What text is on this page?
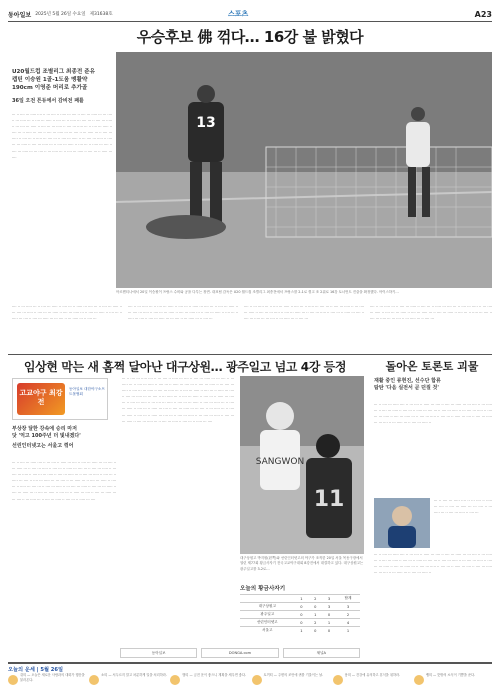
동아일보 2025년 5월 26일 수요일 제31638호	스포츠	A23
우승후보 佛 꺾다… 16강 불 밝혔다
U20월드컵 조별리그 최종전 준유
캡틴 이승원 1골-1도움 맹활약
190cm 이영준 머리로 추가골
36일 오전 튼듀에서 감비전 패를
··· ·· ···· ··· ····· ···· ·· ··· ···· ·· ····· ··· ···· ·· ···· ··· ····· ··· ··· ···· ·· ··· ····· ··· ·· ···· ··· ····· ·· ···· ··· ·· ····· ··· ···· ··· ·· ···· ··· ····· ·· ··· ···· ··· ····· ·· ···· ··· ··· ····· ·· ···· ··· ····· ··· ·· ···· ··· ····· ·· ···· ··· ·· ····· ··· ···· ·· ···· ··· ····· ··· ··· ···· ·· ··· ····· ··· ·· ···· ··· ····· ·· ···· ··· ·· ····· ··· ···· ··· ·· ···· ··· ····· ·· ··· ···· ··· ····· ·· ···· ··· ··· ····· ·· ···· ··· ····· ··· ·· ···· ··· ····· ·· ···· ··· ·· ····· ··· ···· ·· ···· ··· ····· ··· ··· ···· ·· ··· ····· ··· ·· ···· ··· ····· ·· ···· ··· ·· ····· ··· ····
13
아르헨티나에서 20일 이승원이 프랑스 수비와 공을 다투는 장면. 대표팀 감독은 U20 월드컵 조별리그 최종전에서 프랑스를 2-1로 꺾고 조 2위로 16강 토너먼트 진출을 확정했다. 아이스하키…
···· ·· ··· ····· ··· ·· ···· ··· ····· ·· ···· ··· ·· ····· ··· ···· ··· ·· ···· ··· ····· ·· ··· ···· ··· ····· ·· ···· ··· ··· ····· ·· ···· ··· ····· ··· ·· ···· ··· ····· ·· ···· ··· ·· ····· ··· ···· ·· ···· ··· ····· ··· ··· ···· ·· ··· ····· ··· ·· ···· ···
···· ·· ··· ····· ··· ·· ···· ··· ····· ·· ···· ··· ·· ····· ··· ···· ··· ·· ···· ··· ····· ·· ··· ···· ··· ····· ·· ···· ··· ··· ····· ·· ···· ··· ····· ··· ·· ···· ··· ····· ·· ···· ··· ·· ····· ··· ···· ·· ···· ··· ····· ··· ··· ···· ·· ··· ····· ··· ·· ···· ···
···· ·· ··· ····· ··· ·· ···· ··· ····· ·· ···· ··· ·· ····· ··· ···· ··· ·· ···· ··· ····· ·· ··· ···· ··· ····· ·· ···· ··· ··· ····· ·· ···· ··· ····· ··· ·· ···· ··· ····· ·· ···· ··· ·· ····· ··· ···· ·· ···· ··· ····· ··· ··· ···· ·· ··· ····· ··· ·· ···· ···
···· ·· ··· ····· ··· ·· ···· ··· ····· ·· ···· ··· ·· ····· ··· ···· ··· ·· ···· ··· ····· ·· ··· ···· ··· ····· ·· ···· ··· ··· ····· ·· ···· ··· ····· ··· ·· ···· ··· ····· ·· ···· ··· ·· ····· ··· ···· ·· ···· ··· ····· ··· ··· ···· ·· ··· ····· ··· ·· ···· ···
임상현 막는 새 홈쩍 달아난 대구상원… 광주일고 넘고 4강 등정
고교야구 최강전
동아일보 대한야구소프트볼협회
부상장 달한 강속에 승리 마저
닷 '억고 100주년 더 빛내겠다'
선린인터넷고는 서울고 꺾어
··· ·· ···· ··· ····· ···· ·· ··· ···· ·· ····· ··· ···· ·· ···· ··· ····· ··· ··· ···· ·· ··· ····· ··· ·· ···· ··· ····· ·· ···· ··· ·· ····· ··· ···· ··· ·· ···· ··· ····· ·· ··· ···· ··· ····· ·· ···· ··· ··· ····· ·· ···· ··· ····· ··· ·· ···· ··· ····· ·· ···· ··· ·· ····· ··· ···· ·· ···· ··· ····· ··· ··· ···· ·· ··· ····· ··· ·· ···· ··· ····· ·· ···· ··· ·· ····· ··· ···· ··· ·· ···· ··· ····· ·· ··· ···· ··· ····· ·· ···· ··· ··· ····· ·· ···· ··· ····· ··· ·· ···· ··· ····· ·· ···· ··· ·· ····· ··· ···· ·· ···· ··· ····· ··· ··· ···· ·· ··· ····· ··· ·· ···· ··· ····· ·· ···· ··· ·· ····· ··· ····
··· ·· ···· ··· ····· ···· ·· ··· ···· ·· ····· ··· ···· ·· ···· ··· ····· ··· ··· ···· ·· ··· ····· ··· ·· ···· ··· ····· ·· ···· ··· ·· ····· ··· ···· ··· ·· ···· ··· ····· ·· ··· ···· ··· ····· ·· ···· ··· ··· ····· ·· ···· ··· ····· ··· ·· ···· ··· ····· ·· ···· ··· ·· ····· ··· ···· ·· ···· ··· ····· ··· ··· ···· ·· ··· ····· ··· ·· ···· ··· ····· ·· ···· ··· ·· ····· ··· ···· ··· ·· ···· ··· ····· ·· ··· ···· ··· ····· ·· ···· ··· ··· ····· ·· ···· ··· ····· ··· ·· ···· ··· ····· ·· ···· ··· ·· ····· ··· ···· ·· ···· ··· ····· ··· ··· ···· ·· ··· ····· ··· ·· ···· ··· ····· ·· ···· ··· ·· ····· ··· ···· ··· ·· ···· ··· ····· ·· ··· ···· ··· ····· ·· ···· ··· ··· ····· ·· ···· ··· ····· ··· ·· ···· ··· ····· ·· ···· ··· ·· ····· ··· ····
SANGWON
11
대구상원고 박지원(왼쪽)와 선린인터넷고의 야구가 조직한 20일 서울 목동구장에서 열린 제77회 황금사자기 전국고교야구대회 8강전에서 대결하고 있다. 대구상원고는 광주일고를 3-2로…
오늘의 황금사자기
	1	2	3	합계
대구상원고	0	0	3	3
광주일고	0	1	0	2
선린인터넷고	0	2	1	4
서울고	1	0	0	1
돌아온 토론토 괴물
재활 중인 류현진, 선수단 합류
탐탄 '다음 실전서 곧 던질 것'
··· ·· ···· ··· ····· ···· ·· ··· ···· ·· ····· ··· ···· ·· ···· ··· ····· ··· ··· ···· ·· ··· ····· ··· ·· ···· ··· ····· ·· ···· ··· ·· ····· ··· ···· ··· ·· ···· ··· ····· ·· ··· ···· ··· ····· ·· ···· ··· ··· ····· ·· ···· ··· ····· ··· ·· ···· ··· ····· ·· ···· ··· ·· ····· ··· ···· ·· ···· ··· ····· ··· ··· ···· ·· ··· ····· ··· ·· ···· ··· ····· ··
··· ·· ···· ··· ····· ···· ·· ··· ···· ·· ····· ··· ···· ·· ···· ··· ····· ··· ··· ···· ·· ··· ····· ··· ·· ···· ··· ····· ·· ···· ···
··· ·· ···· ··· ····· ···· ·· ··· ···· ·· ····· ··· ···· ·· ···· ··· ····· ··· ··· ···· ·· ··· ····· ··· ·· ···· ··· ····· ·· ···· ··· ·· ····· ··· ···· ··· ·· ···· ··· ····· ·· ··· ···· ··· ····· ·· ···· ··· ··· ····· ·· ···· ··· ····· ··· ·· ···· ··· ····· ·· ···· ··· ·· ····· ··· ···· ·· ···· ··· ····· ··· ··· ···· ·· ··· ····· ··· ·· ···· ··· ····· ··
동아일보	DONGA.com	채널A
오늘의 운세 | 5월 26일
쥐띠 — 오늘은 새로운 사람과의 대화가 행운을 불러온다.
소띠 — 서두르지 말고 차분하게 일을 처리하라.	범띠 — 금전 운이 좋으니 계획을 세우면 좋다.	토끼띠 — 주변의 조언에 귀를 기울이는 날.	용띠 — 건강에 유의하고 휴식을 취하라.	뱀띠 — 뜻밖의 소식이 기쁨을 준다.
